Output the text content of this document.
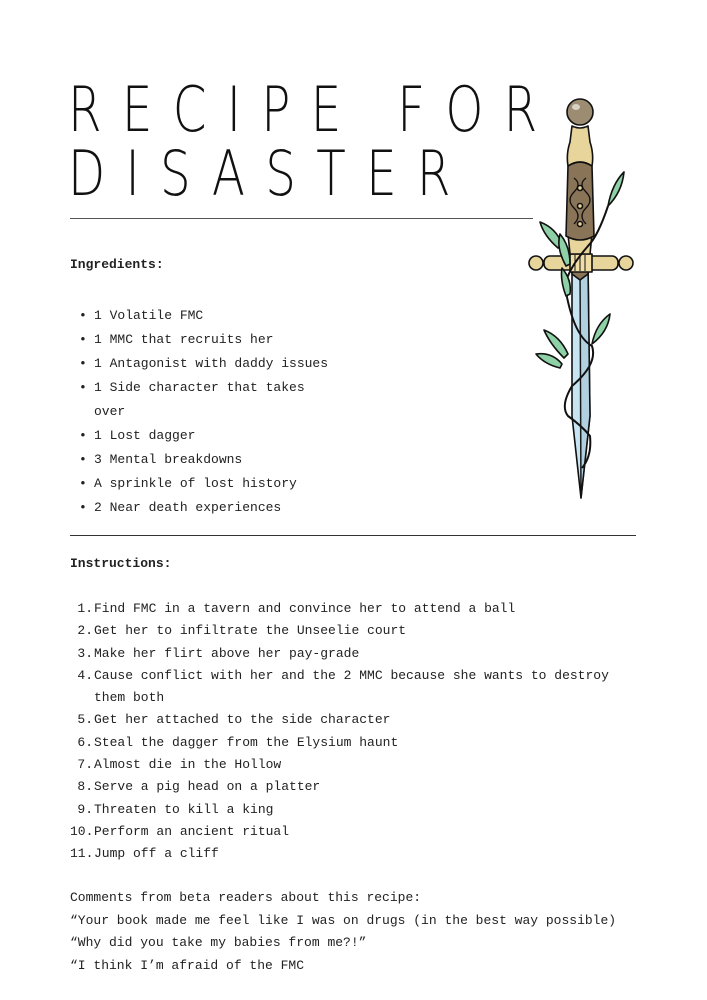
RECIPE FOR
DISASTER
Ingredients:
• 1 Volatile FMC
• 1 MMC that recruits her
• 1 Antagonist with daddy issues
• 1 Side character that takes over
• 1 Lost dagger
• 3 Mental breakdowns
• A sprinkle of lost history
• 2 Near death experiences
Instructions:
1. Find FMC in a tavern and convince her to attend a ball
2. Get her to infiltrate the Unseelie court
3. Make her flirt above her pay-grade
4. Cause conflict with her and the 2 MMC because she wants to destroy them both
5. Get her attached to the side character
6. Steal the dagger from the Elysium haunt
7. Almost die in the Hollow
8. Serve a pig head on a platter
9. Threaten to kill a king
10. Perform an ancient ritual
11. Jump off a cliff
Comments from beta readers about this recipe:
“Your book made me feel like I was on drugs (in the best way possible)
“Why did you take my babies from me?!”
“I think I’m afraid of the FMC
